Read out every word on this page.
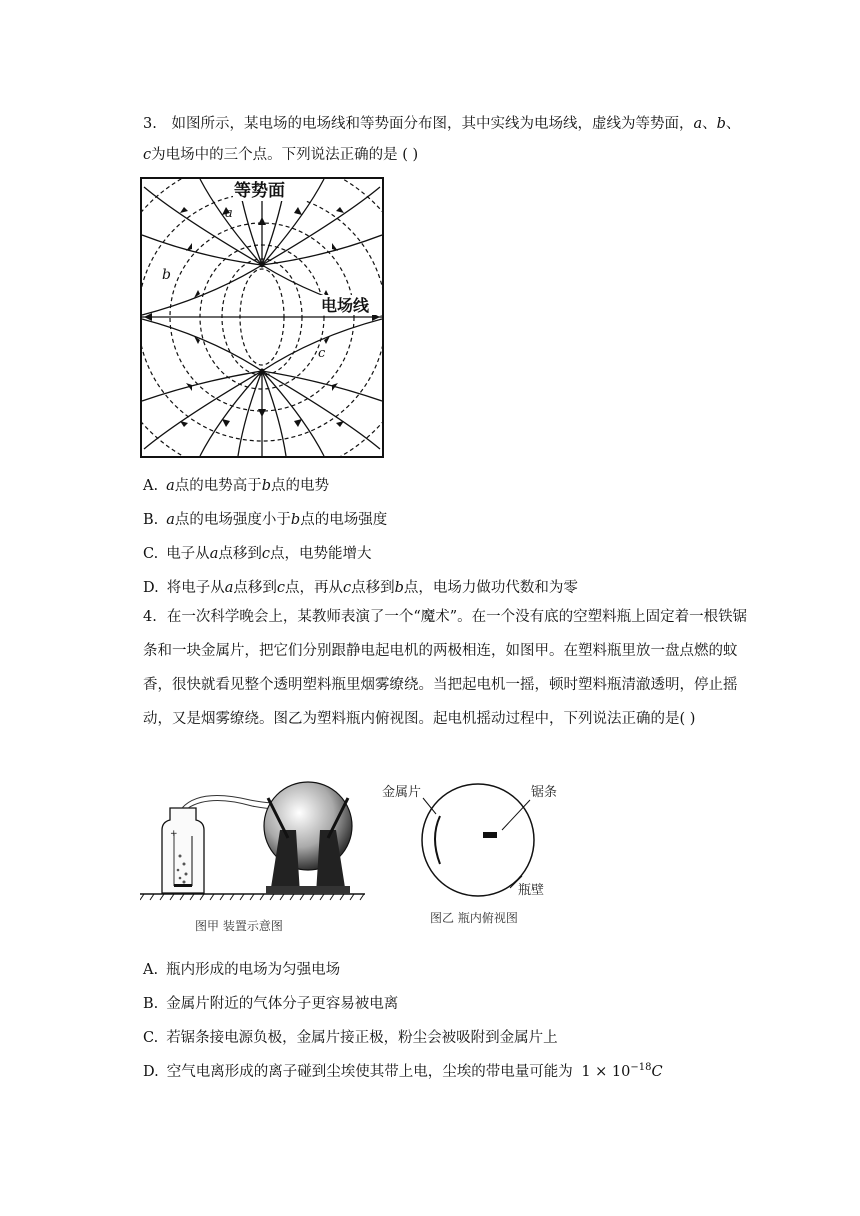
3. 如图所示，某电场的电场线和等势面分布图，其中实线为电场线，虚线为等势面，a、b、
c为电场中的三个点。下列说法正确的是 ( )
等势面
电场线
a
b
c
A. a点的电势高于b点的电势
B. a点的电场强度小于b点的电场强度
C. 电子从a点移到c点，电势能增大
D. 将电子从a点移到c点，再从c点移到b点，电场力做功代数和为零
4. 在一次科学晚会上，某教师表演了一个“魔术”。在一个没有底的空塑料瓶上固定着一根铁锯条和一块金属片，把它们分别跟静电起电机的两极相连，如图甲。在塑料瓶里放一盘点燃的蚊香，很快就看见整个透明塑料瓶里烟雾缭绕。当把起电机一摇，顿时塑料瓶清澈透明，停止摇动，又是烟雾缭绕。图乙为塑料瓶内俯视图。起电机摇动过程中，下列说法正确的是( )
+
金属片	锯条
瓶壁
图甲 装置示意图
图乙 瓶内俯视图
A. 瓶内形成的电场为匀强电场
B. 金属片附近的气体分子更容易被电离
C. 若锯条接电源负极，金属片接正极，粉尘会被吸附到金属片上
D. 空气电离形成的离子碰到尘埃使其带上电，尘埃的带电量可能为 $1 \times 10^{-18}C$
